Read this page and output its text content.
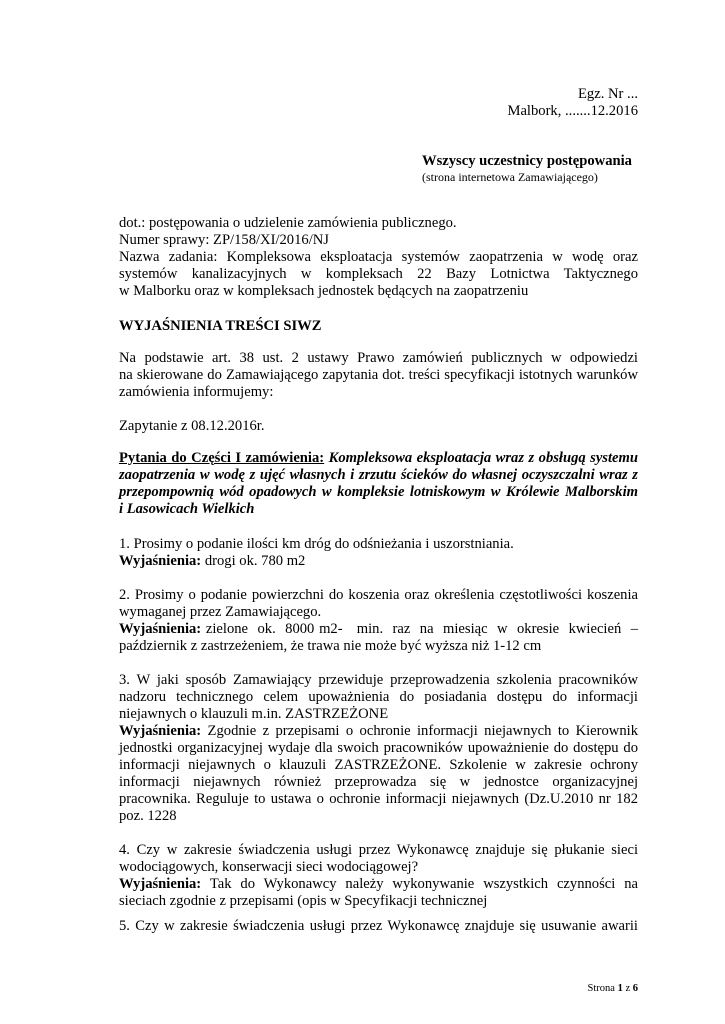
Egz. Nr ...
Malbork, .......12.2016
Wszyscy uczestnicy postępowania
(strona internetowa Zamawiającego)
dot.: postępowania o udzielenie zamówienia publicznego.
Numer sprawy: ZP/158/XI/2016/NJ
Nazwa zadania: Kompleksowa eksploatacja systemów zaopatrzenia w wodę oraz
systemów kanalizacyjnych w kompleksach 22 Bazy Lotnictwa Taktycznego
w Malborku oraz w kompleksach jednostek będących na zaopatrzeniu
WYJAŚNIENIA TREŚCI SIWZ
Na podstawie art. 38 ust. 2 ustawy Prawo zamówień publicznych w odpowiedzi
na skierowane do Zamawiającego zapytania dot. treści specyfikacji istotnych warunków
zamówienia informujemy:
Zapytanie z 08.12.2016r.
Pytania do Części I zamówienia: Kompleksowa eksploatacja wraz z obsługą systemu
zaopatrzenia w wodę z ujęć własnych i zrzutu ścieków do własnej oczyszczalni wraz z
przepompownią wód opadowych w kompleksie lotniskowym w Królewie Malborskim
i Lasowicach Wielkich
1. Prosimy o podanie ilości km dróg do odśnieżania i uszorstniania.
Wyjaśnienia: drogi ok. 780 m2
2. Prosimy o podanie powierzchni do koszenia oraz określenia częstotliwości koszenia
wymaganej przez Zamawiającego.
Wyjaśnienia: zielone  ok.  8000 m2-   min.  raz  na  miesiąc  w  okresie  kwiecień  –
październik z zastrzeżeniem, że trawa nie może być wyższa niż 1-12 cm
3. W jaki sposób Zamawiający przewiduje przeprowadzenia szkolenia pracowników
nadzoru technicznego celem upoważnienia do posiadania dostępu do informacji
niejawnych o klauzuli m.in. ZASTRZEŻONE
Wyjaśnienia: Zgodnie z przepisami o ochronie informacji niejawnych to Kierownik
jednostki organizacyjnej wydaje dla swoich pracowników upoważnienie do dostępu do
informacji niejawnych o klauzuli ZASTRZEŻONE. Szkolenie w zakresie ochrony
informacji niejawnych również przeprowadza się w jednostce organizacyjnej
pracownika. Reguluje to ustawa o ochronie informacji niejawnych (Dz.U.2010 nr 182
poz. 1228
4. Czy w zakresie świadczenia usługi przez Wykonawcę znajduje się płukanie sieci
wodociągowych, konserwacji sieci wodociągowej?
Wyjaśnienia: Tak do Wykonawcy należy wykonywanie wszystkich czynności na
sieciach zgodnie z przepisami (opis w Specyfikacji technicznej
5. Czy w zakresie świadczenia usługi przez Wykonawcę znajduje się usuwanie awarii
Strona 1 z 6
